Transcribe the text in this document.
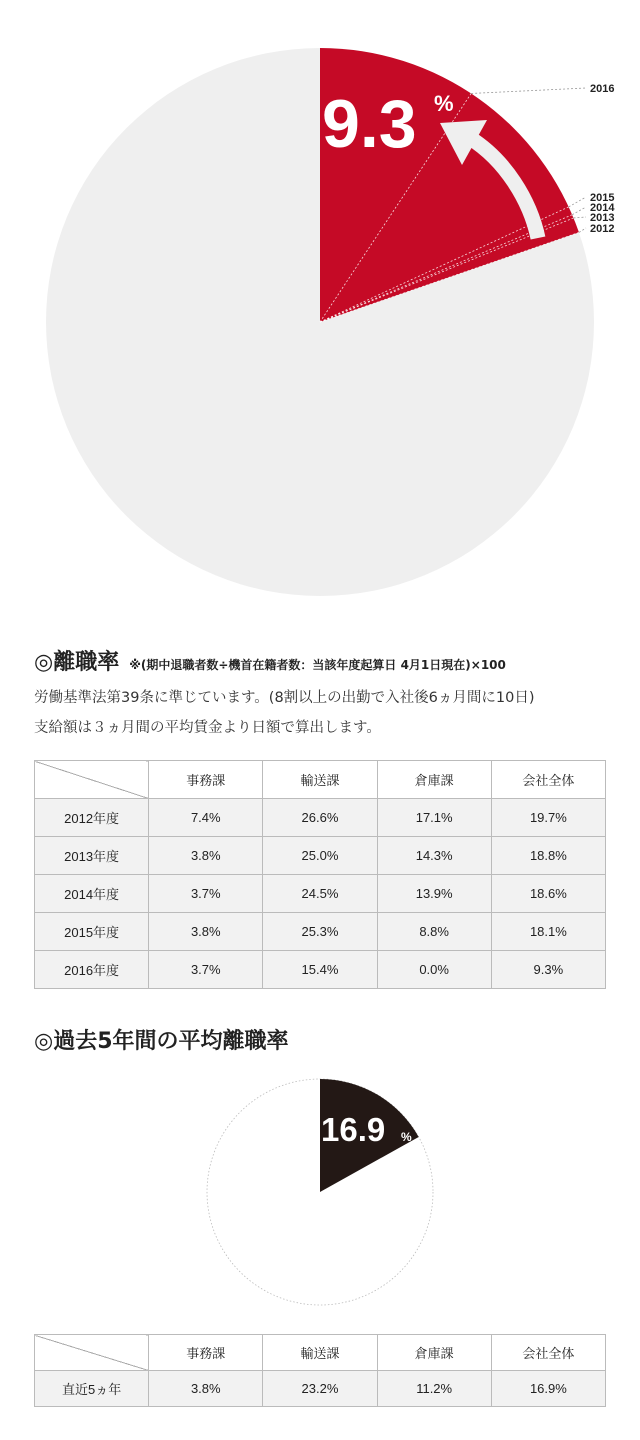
2012
2013
2014
2015
2016
9.3 %
◎離職率 ※(期中退職者数÷機首在籍者数：当該年度起算日 4月1日現在)×100

労働基準法第39条に準じています。(8割以上の出勤で入社後6ヵ月間に10日)

支給額は３ヵ月間の平均賃金より日額で算出します。

	事務課	輸送課	倉庫課	会社全体
2012年度	7.4%	26.6%	17.1%	19.7%
2013年度	3.8%	25.0%	14.3%	18.8%
2014年度	3.7%	24.5%	13.9%	18.6%
2015年度	3.8%	25.3%	8.8%	18.1%
2016年度	3.7%	15.4%	0.0%	9.3%
◎過去5年間の平均離職率
16.9 %
	事務課	輸送課	倉庫課	会社全体
直近5ヵ年	3.8%	23.2%	11.2%	16.9%
